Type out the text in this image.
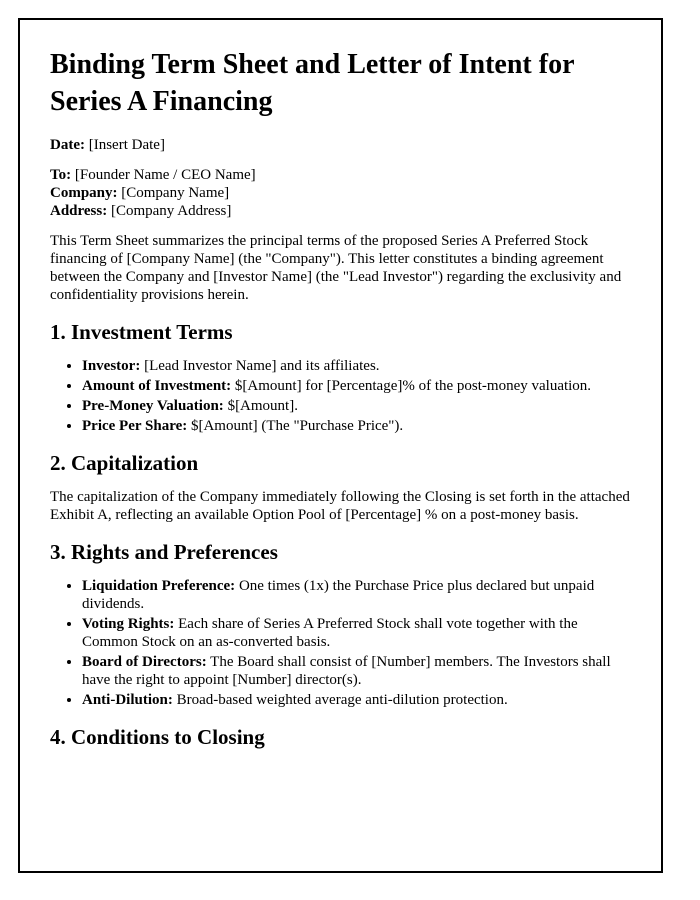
Binding Term Sheet and Letter of Intent for Series A Financing

Date: [Insert Date]

To: [Founder Name / CEO Name]
Company: [Company Name]
Address: [Company Address]

This Term Sheet summarizes the principal terms of the proposed Series A Preferred Stock financing of [Company Name] (the "Company"). This letter constitutes a binding agreement between the Company and [Investor Name] (the "Lead Investor") regarding the exclusivity and confidentiality provisions herein.

1. Investment Terms
• Investor: [Lead Investor Name] and its affiliates.
• Amount of Investment: $[Amount] for [Percentage]% of the post-money valuation.
• Pre-Money Valuation: $[Amount].
• Price Per Share: $[Amount] (The "Purchase Price").
2. Capitalization

The capitalization of the Company immediately following the Closing is set forth in the attached Exhibit A, reflecting an available Option Pool of [Percentage] % on a post-money basis.

3. Rights and Preferences
• Liquidation Preference: One times (1x) the Purchase Price plus declared but unpaid dividends.
• Voting Rights: Each share of Series A Preferred Stock shall vote together with the Common Stock on an as-converted basis.
• Board of Directors: The Board shall consist of [Number] members. The Investors shall have the right to appoint [Number] director(s).
• Anti-Dilution: Broad-based weighted average anti-dilution protection.
4. Conditions to Closing
